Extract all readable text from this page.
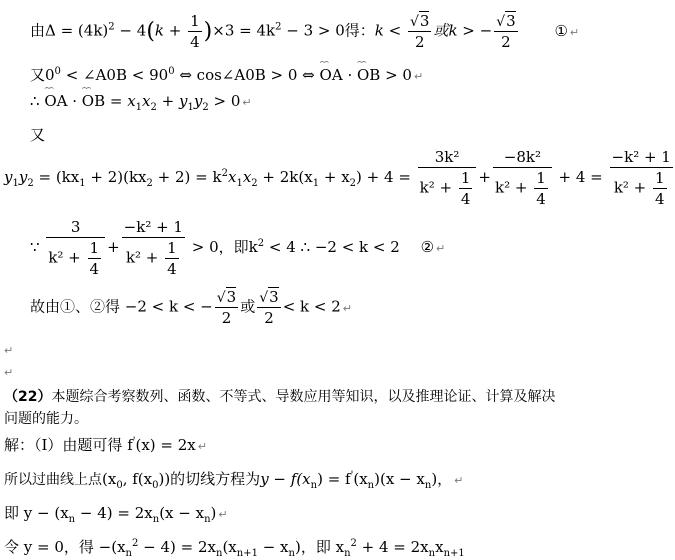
由$\Delta = (4k)^2 - 4(k + \frac{1}{4} )\times 3 = 4k^2 - 3 > 0$得：$k < \frac{√3}{2}$ 或k > − $\frac{√3}{2}$ ① ↵
又$0^0$ < ∠A0B < $90^0$ ⇔ cos∠A0B > 0 ⇔ ⌢⌢ OA · ⌢⌢ OB > 0 ↵
∴ ⌢⌢ OA · ⌢⌢ OB = $x_1x_2 + y_1y_2 > 0$ ↵
又
$y_1y_2 = (kx_1 + 2)(kx_2 + 2) = k^2x_1x_2 + 2k(x_1 + x_2) + 4 = \frac{\text{3k²}}{k^2 + \frac{1}{4}} + \frac{\text{−8k²}}{k^2 + \frac{1}{4}} + 4 = \frac{\text{−k² + 1}}{k^2 + \frac{1}{4}}$
∵ $\frac{3}{k^2 + \frac{1}{4}} + \frac{\text{−k² + 1}}{k^2 + \frac{1}{4}} > 0$，即$k^2 < 4$ ∴ −2 < k < 2 ② ↵
故由①、②得 −2 < k < − $\frac{√3}{2}$ 或 $\frac{√3}{2} < k < 2$ ↵
↵
↵
（22）本题综合考察数列、函数、不等式、导数应用等知识，以及推理论证、计算及解决
问题的能力。
解：（Ⅰ）由题可得 f'(x) = 2x ↵
所以过曲线上点($x_0$, $f(x_0)$)的切线方程为$y - f(x_n) = f'(x_n)(x - x_n)$， ↵
即 $y - (x_n - 4) = 2x_n(x - x_n)$ ↵
令 y = 0，得 $-(x_n^2 - 4) = 2x_n(x_{n+1} - x_n)$，即 $x_n^2 + 4 = 2x_nx_{n+1}$
